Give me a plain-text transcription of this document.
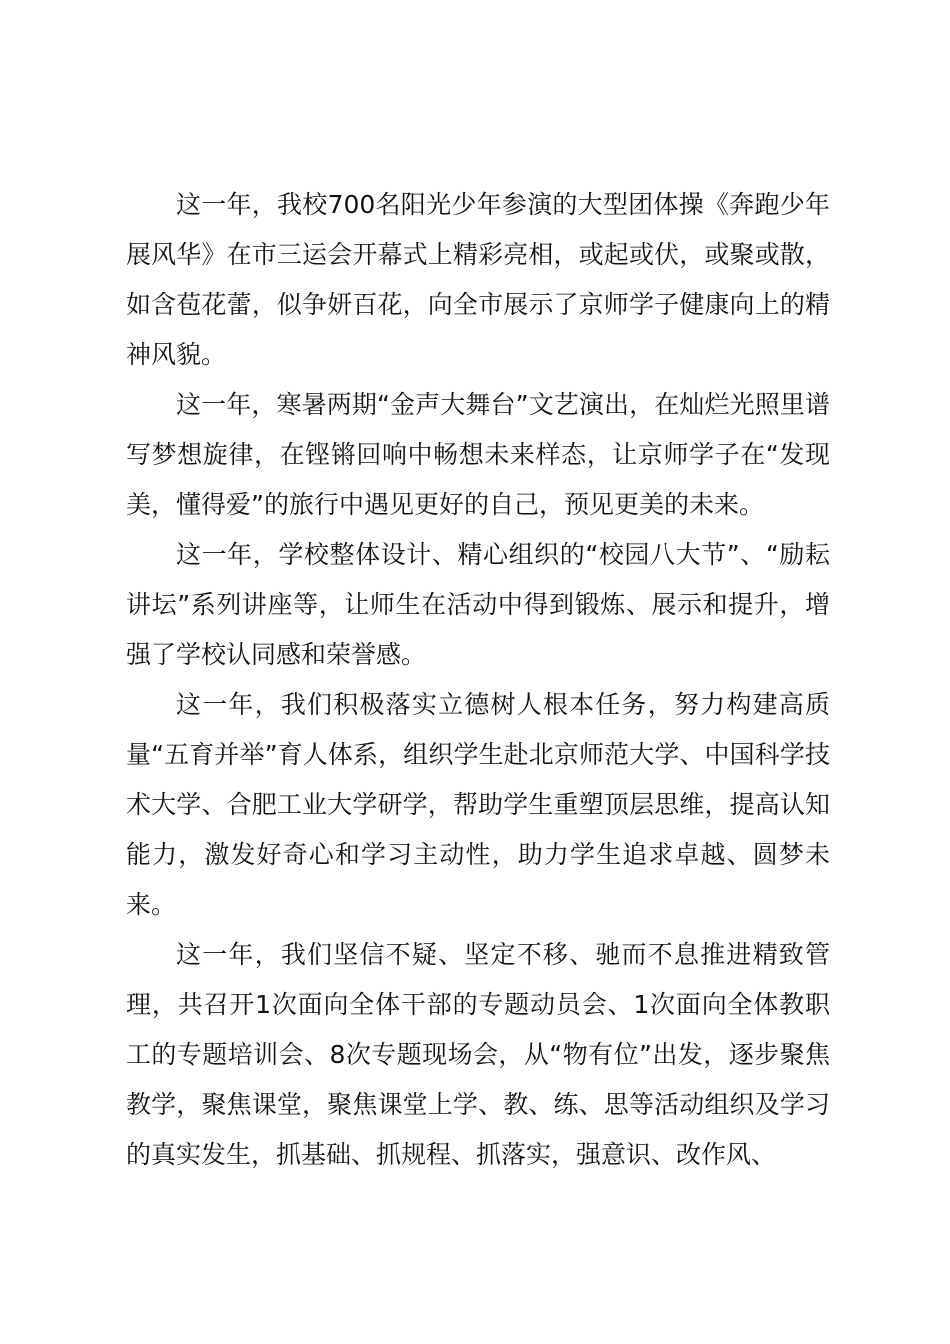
这一年，我校700名阳光少年参演的大型团体操《奔跑少年展风华》在市三运会开幕式上精彩亮相，或起或伏，或聚或散，如含苞花蕾，似争妍百花，向全市展示了京师学子健康向上的精神风貌。

这一年，寒暑两期“金声大舞台”文艺演出，在灿烂光照里谱写梦想旋律，在铿锵回响中畅想未来样态，让京师学子在“发现美，懂得爱”的旅行中遇见更好的自己，预见更美的未来。

这一年，学校整体设计、精心组织的“校园八大节”、“励耘讲坛”系列讲座等，让师生在活动中得到锻炼、展示和提升，增强了学校认同感和荣誉感。

这一年，我们积极落实立德树人根本任务，努力构建高质量“五育并举”育人体系，组织学生赴北京师范大学、中国科学技术大学、合肥工业大学研学，帮助学生重塑顶层思维，提高认知能力，激发好奇心和学习主动性，助力学生追求卓越、圆梦未来。

这一年，我们坚信不疑、坚定不移、驰而不息推进精致管理，共召开1次面向全体干部的专题动员会、1次面向全体教职工的专题培训会、8次专题现场会，从“物有位”出发，逐步聚焦教学，聚焦课堂，聚焦课堂上学、教、练、思等活动组织及学习的真实发生，抓基础、抓规程、抓落实，强意识、改作风、
